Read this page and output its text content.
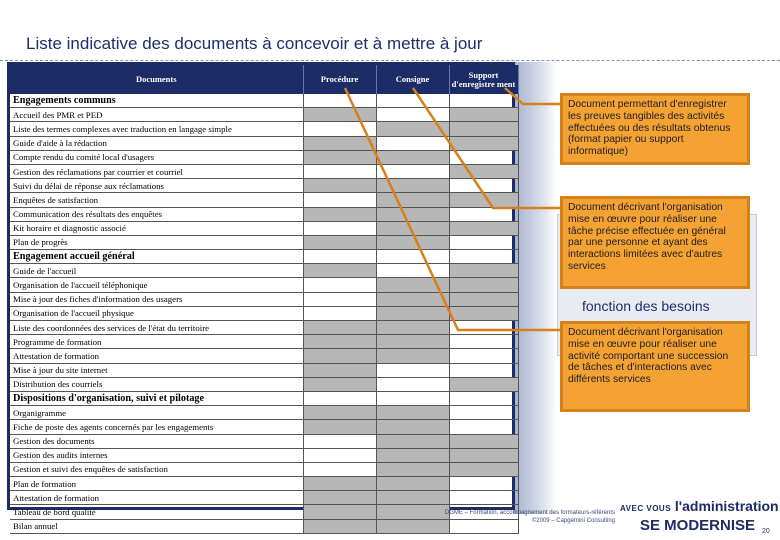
Liste indicative des documents à concevoir et à mettre à jour
Documents	Procédure	Consigne	Support d'enregistre ment
Engagements communs			
Accueil des PMR et PED			
Liste des termes complexes avec traduction en langage simple			
Guide d'aide à la rédaction			
Compte rendu du comité local d'usagers			
Gestion des réclamations par courrier et courriel			
Suivi du délai de réponse aux réclamations			
Enquêtes de satisfaction			
Communication des résultats des enquêtes			
Kit horaire et diagnostic associé			
Plan de progrès			
Engagement accueil général			
Guide de l'accueil			
Organisation de l'accueil téléphonique			
Mise à jour des fiches d'information des usagers			
Organisation de l'accueil physique			
Liste des coordonnées des services de l'état du territoire			
Programme de formation			
Attestation de formation			
Mise à jour du site internet			
Distribution des courriels			
Dispositions d'organisation, suivi et pilotage			
Organigramme			
Fiche de poste des agents concernés par les engagements			
Gestion des documents			
Gestion des audits internes			
Gestion et suivi des enquêtes de satisfaction			
Plan de formation			
Attestation de formation			
Tableau de bord qualité			
Bilan annuel			
fonction des besoins
Document permettant d'enregistrer les preuves tangibles des activités effectuées ou des résultats obtenus (format papier ou support informatique)
Document décrivant l'organisation mise en œuvre pour réaliser une tâche précise effectuée en général par une personne et ayant des interactions limitées avec d'autres services
Document décrivant l'organisation mise en œuvre pour réaliser une activité comportant une succession de tâches et d'interactions avec différents services
DGME – Formation, accompagnement des formateurs-référents
©2009 – Capgemini Consulting
AVEC VOUS l'administration
SE MODERNISE 20
